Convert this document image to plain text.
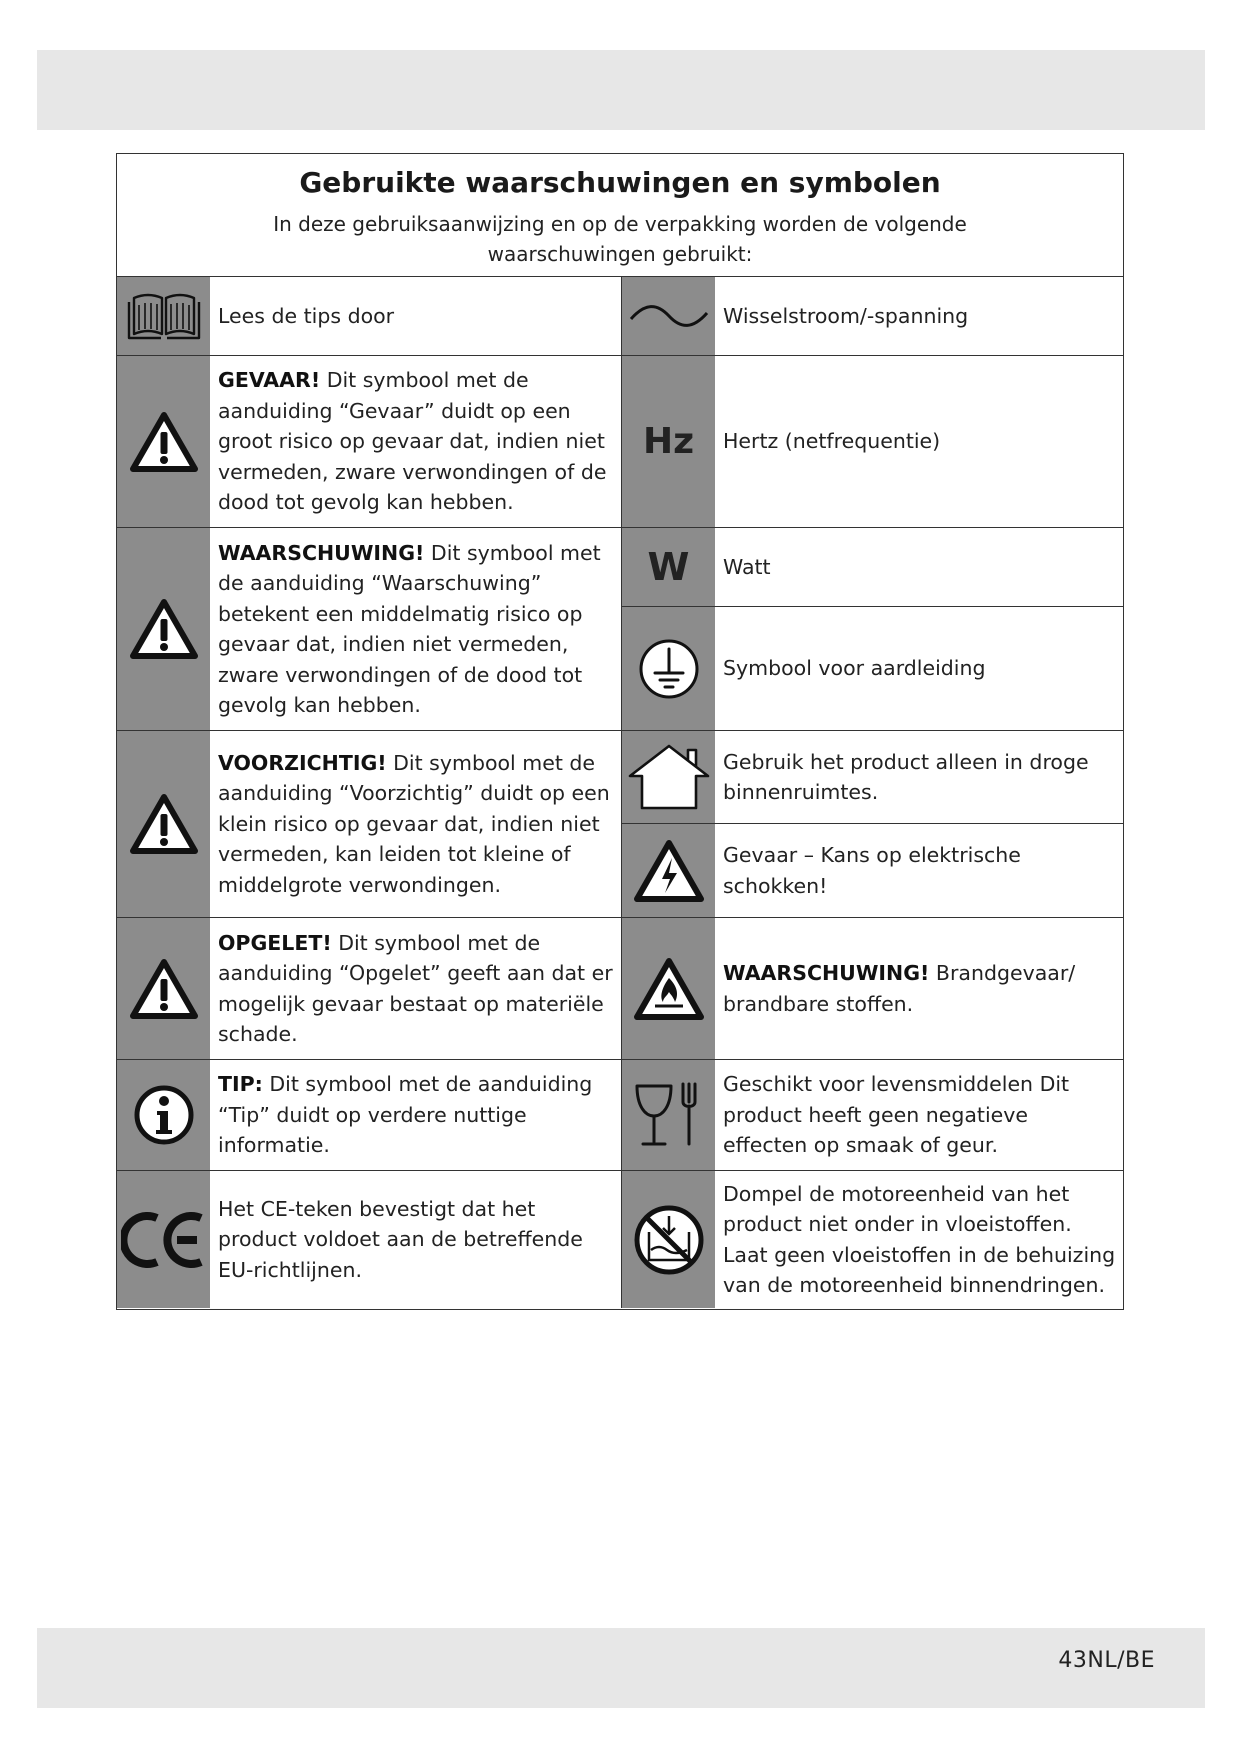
Gebruikte waarschuwingen en symbolen
In deze gebruiksaanwijzing en op de verpakking worden de volgende waarschuwingen gebruikt:
Lees de tips door
GEVAAR! Dit symbool met de aanduiding “Gevaar” duidt op een groot risico op gevaar dat, indien niet vermeden, zware verwondingen of de dood tot gevolg kan hebben.
WAARSCHUWING! Dit symbool met de aanduiding “Waarschuwing” betekent een middelmatig risico op gevaar dat, indien niet vermeden, zware verwondingen of de dood tot gevolg kan hebben.
VOORZICHTIG! Dit symbool met de aanduiding “Voorzichtig” duidt op een klein risico op gevaar dat, indien niet vermeden, kan leiden tot kleine of middelgrote verwondingen.
OPGELET! Dit symbool met de aanduiding “Opgelet” geeft aan dat er mogelijk gevaar bestaat op materiële schade.
TIP: Dit symbool met de aanduiding “Tip” duidt op verdere nuttige informatie.
Het CE-teken bevestigt dat het product voldoet aan de betreffende EU-richtlijnen.
Wisselstroom/-spanning
Hz Hertz (netfrequentie)
W Watt
Symbool voor aardleiding
Gebruik het product alleen in droge binnenruimtes.
Gevaar – Kans op elektrische schokken!
WAARSCHUWING! Brandgevaar/ brandbare stoffen.
Geschikt voor levensmiddelen Dit product heeft geen negatieve effecten op smaak of geur.
Dompel de motoreenheid van het product niet onder in vloeistoffen. Laat geen vloeistoffen in de behuizing van de motoreenheid binnendringen.
43NL/BE
